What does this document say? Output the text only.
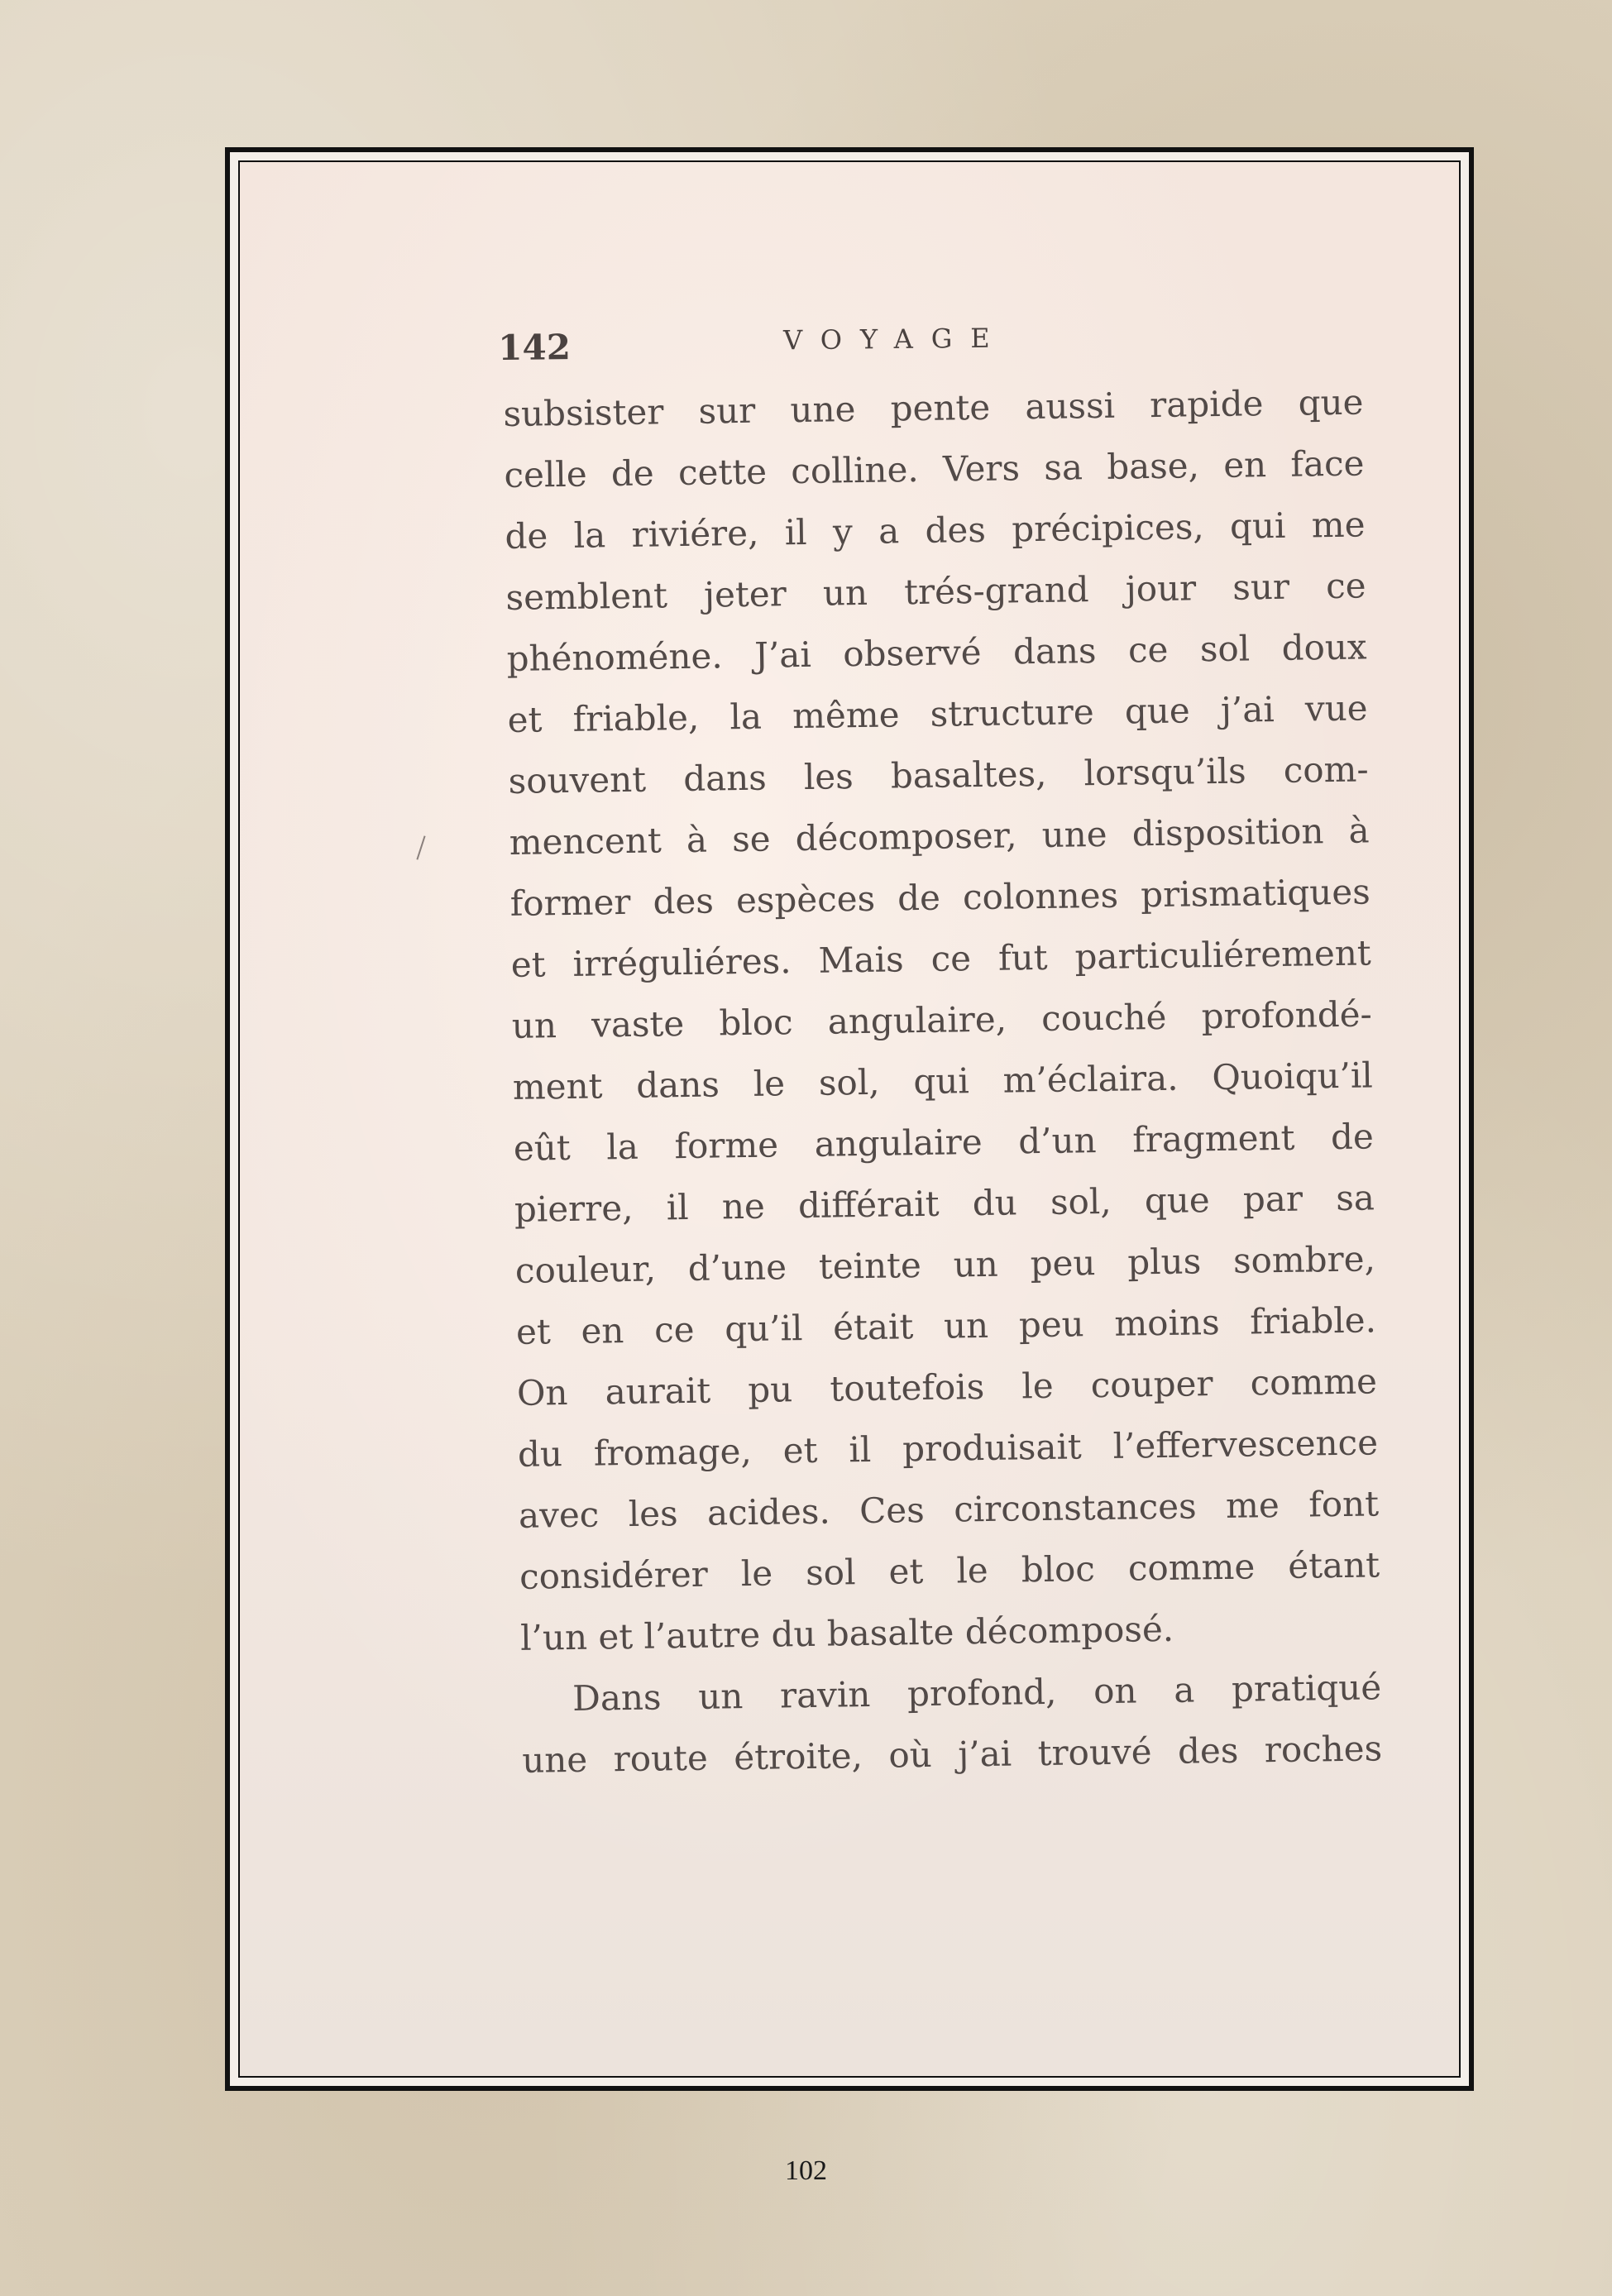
142	VOYAGE
subsister sur une pente aussi rapide que
celle de cette colline. Vers sa base, en face
de la riviére, il y a des précipices, qui me
semblent jeter un trés-grand jour sur ce
phénoméne. J’ai observé dans ce sol doux
et friable, la même structure que j’ai vue
souvent dans les basaltes, lorsqu’ils com-
mencent à se décomposer, une disposition à
former des espèces de colonnes prismatiques
et irréguliéres. Mais ce fut particuliérement
un vaste bloc angulaire, couché profondé-
ment dans le sol, qui m’éclaira. Quoiqu’il
eût la forme angulaire d’un fragment de
pierre, il ne différait du sol, que par sa
couleur, d’une teinte un peu plus sombre,
et en ce qu’il était un peu moins friable.
On aurait pu toutefois le couper comme
du fromage, et il produisait l’effervescence
avec les acides. Ces circonstances me font
considérer le sol et le bloc comme étant
l’un et l’autre du basalte décomposé.
Dans un ravin profond, on a pratiqué
une route étroite, où j’ai trouvé des roches
102
